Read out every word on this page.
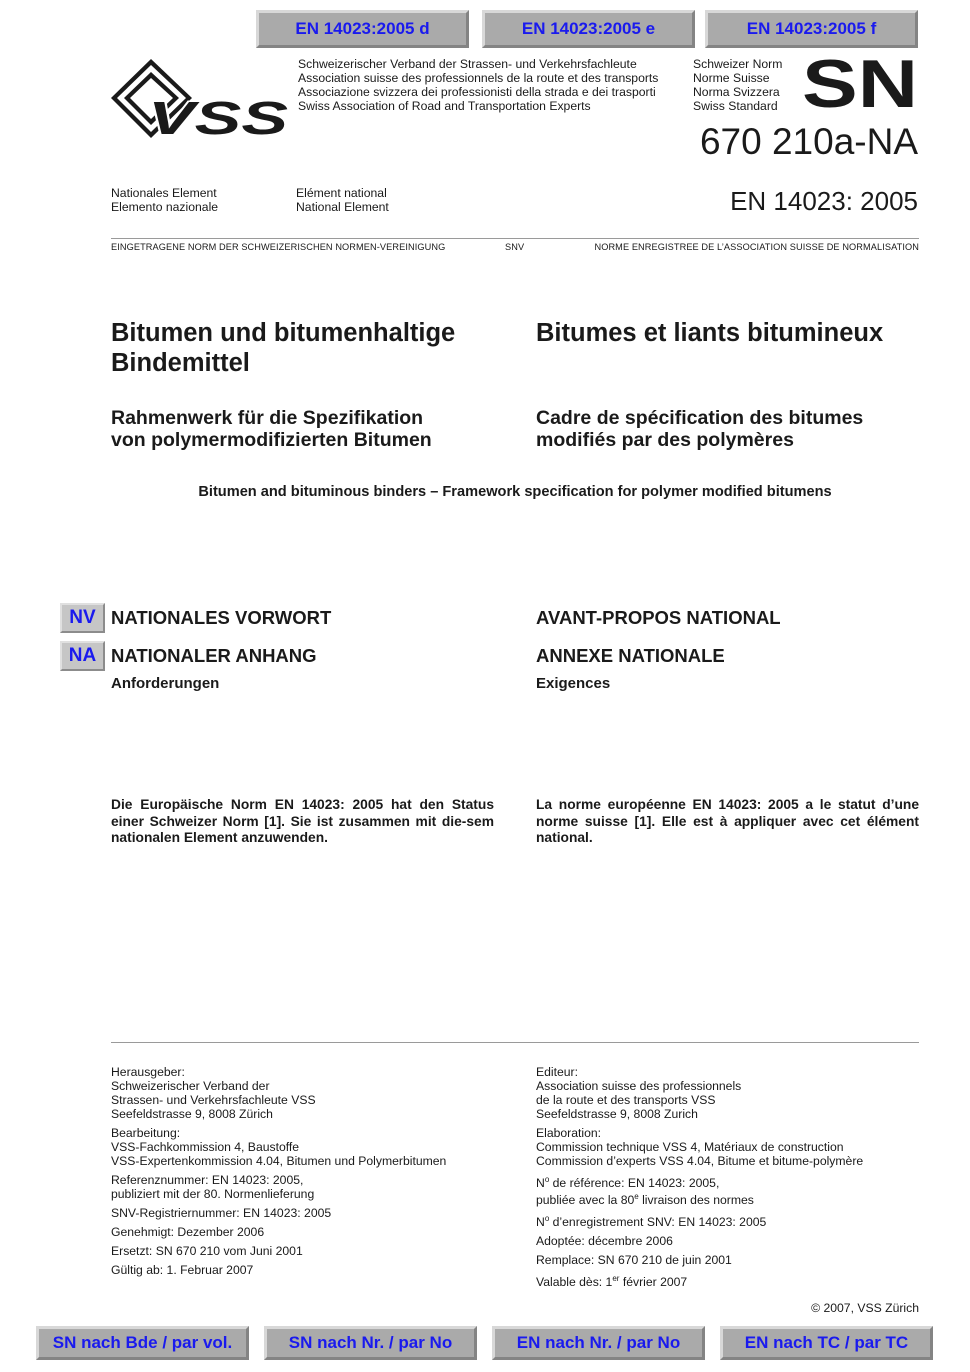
EN 14023:2005 d	EN 14023:2005 e	EN 14023:2005 f
VSS
Schweizerischer Verband der Strassen- und Verkehrsfachleute
Association suisse des professionnels de la route et des transports
Associazione svizzera dei professionisti della strada e dei trasporti
Swiss Association of Road and Transportation Experts
Schweizer Norm
Norme Suisse
Norma Svizzera
Swiss Standard SN
670 210a-NA
EN 14023: 2005
Nationales Element
Elemento nazionale
Elément national
National Element
EINGETRAGENE NORM DER SCHWEIZERISCHEN NORMEN-VEREINIGUNG	SNV	NORME ENREGISTREE DE L’ASSOCIATION SUISSE DE NORMALISATION
Bitumen und bitumenhaltige
Bindemittel
Bitumes et liants bitumineux
Rahmenwerk für die Spezifikation
von polymermodifizierten Bitumen
Cadre de spécification des bitumes
modifiés par des polymères
Bitumen and bituminous binders – Framework specification for polymer modified bitumens
NV
NA
NATIONALES VORWORT	AVANT-PROPOS NATIONAL
NATIONALER ANHANG	ANNEXE NATIONALE
Anforderungen	Exigences
Die Europäische Norm EN 14023: 2005 hat den Status einer Schweizer Norm [1]. Sie ist zusammen mit die-sem nationalen Element anzuwenden.
La norme européenne EN 14023: 2005 a le statut d’une norme suisse [1]. Elle est à appliquer avec cet élément national.

Herausgeber:

Schweizerischer Verband der

Strassen- und Verkehrsfachleute VSS

Seefeldstrasse 9, 8008 Zürich

Bearbeitung:

VSS-Fachkommission 4, Baustoffe

VSS-Expertenkommission 4.04, Bitumen und Polymerbitumen

Referenznummer: EN 14023: 2005,

publiziert mit der 80. Normenlieferung

SNV-Registriernummer: EN 14023: 2005

Genehmigt: Dezember 2006

Ersetzt: SN 670 210 vom Juni 2001

Gültig ab: 1. Februar 2007

Editeur:

Association suisse des professionnels

de la route et des transports VSS

Seefeldstrasse 9, 8008 Zurich

Elaboration:

Commission technique VSS 4, Matériaux de construction

Commission d’experts VSS 4.04, Bitume et bitume-polymère

$N^o$ de référence: EN 14023: 2005,

publiée avec la 80e livraison des normes

$N^o$ d’enregistrement SNV: EN 14023: 2005

Adoptée: décembre 2006

Remplace: SN 670 210 de juin 2001

Valable dès: 1er février 2007

© 2007, VSS Zürich
SN nach Bde / par vol.	SN nach Nr. / par No	EN nach Nr. / par No	EN nach TC / par TC
